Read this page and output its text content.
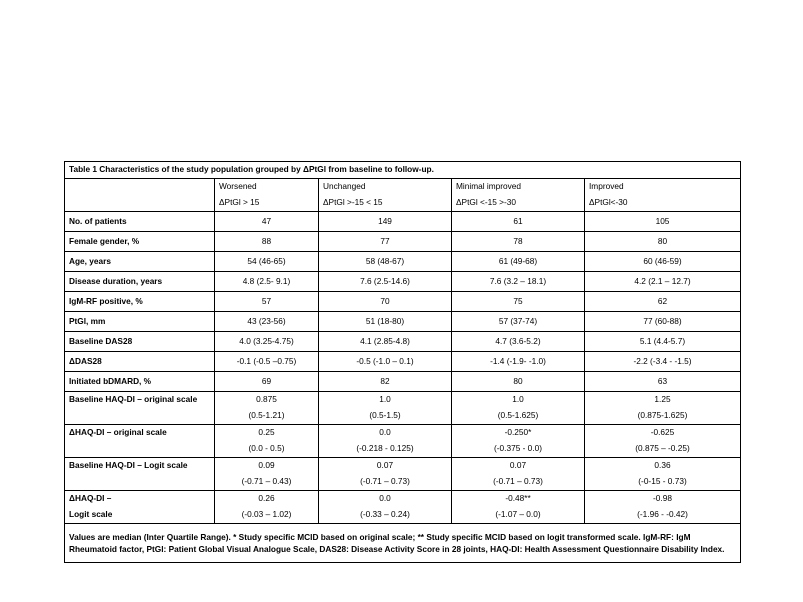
Table 1 Characteristics of the study population grouped by ΔPtGl from baseline to follow-up.				
	Worsened	Unchanged	Minimal improved	Improved
	ΔPtGl > 15	ΔPtGl >-15 < 15	ΔPtGl <-15 >-30	ΔPtGl<-30
No. of patients	47	149	61	105
Female gender, %	88	77	78	80
Age, years	54 (46-65)	58 (48-67)	61 (49-68)	60 (46-59)
Disease duration, years	4.8 (2.5- 9.1)	7.6 (2.5-14.6)	7.6 (3.2 – 18.1)	4.2 (2.1 – 12.7)
IgM-RF positive, %	57	70	75	62
PtGl, mm	43 (23-56)	51 (18-80)	57 (37-74)	77 (60-88)
Baseline DAS28	4.0 (3.25-4.75)	4.1 (2.85-4.8)	4.7 (3.6-5.2)	5.1 (4.4-5.7)
ΔDAS28	-0.1 (-0.5 –0.75)	-0.5 (-1.0 – 0.1)	-1.4 (-1.9- -1.0)	-2.2 (-3.4 - -1.5)
Initiated bDMARD, %	69	82	80	63
Baseline HAQ-DI – original scale	0.875	1.0	1.0	1.25
	(0.5-1.21)	(0.5-1.5)	(0.5-1.625)	(0.875-1.625)
ΔHAQ-DI – original scale	0.25	0.0	-0.250*	-0.625
	(0.0 - 0.5)	(-0.218 - 0.125)	(-0.375 - 0.0)	(0.875 – -0.25)
Baseline HAQ-DI – Logit scale	0.09	0.07	0.07	0.36
	(-0.71 – 0.43)	(-0.71 – 0.73)	(-0.71 – 0.73)	(-0-15 - 0.73)
ΔHAQ-DI –	0.26	0.0	-0.48**	-0.98
Logit scale	(-0.03 – 1.02)	(-0.33 – 0.24)	(-1.07 – 0.0)	(-1.96 - -0.42)
Values are median (Inter Quartile Range). * Study specific MCID based on original scale; ** Study specific MCID based on logit transformed scale. IgM-RF: IgM Rheumatoid factor, PtGl: Patient Global Visual Analogue Scale, DAS28: Disease Activity Score in 28 joints, HAQ-DI: Health Assessment Questionnaire Disability Index.				
